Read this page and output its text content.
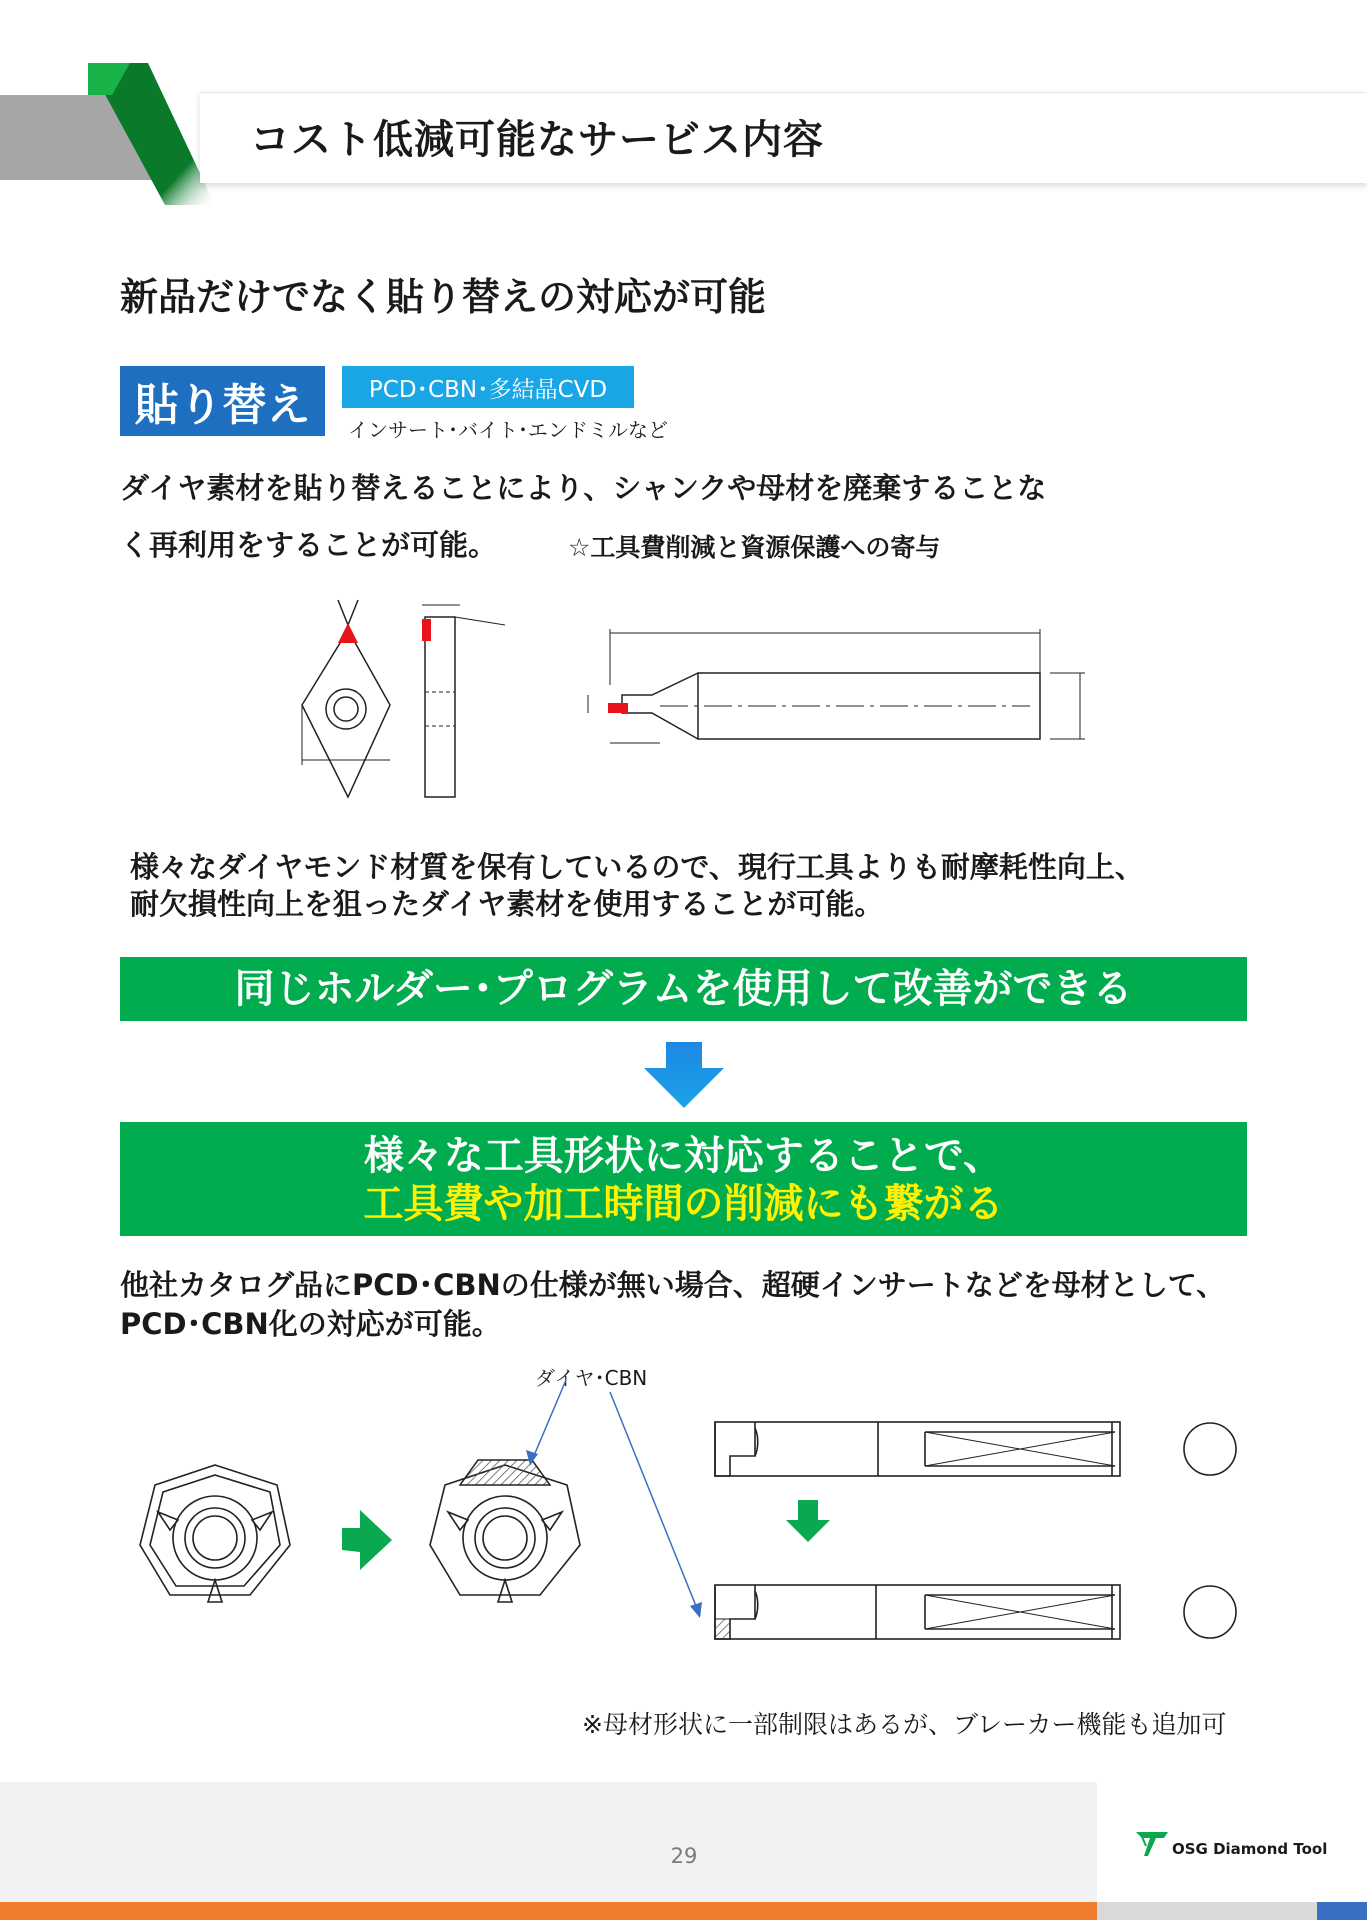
コスト低減可能なサービス内容
新品だけでなく貼り替えの対応が可能
貼り替え	PCD･CBN･多結晶CVD
インサート･バイト･エンドミルなど
ダイヤ素材を貼り替えることにより、シャンクや母材を廃棄することな
く再利用をすることが可能。	☆工具費削減と資源保護への寄与
様々なダイヤモンド材質を保有しているので、現行工具よりも耐摩耗性向上、
耐欠損性向上を狙ったダイヤ素材を使用することが可能。
同じホルダー･プログラムを使用して改善ができる
様々な工具形状に対応することで、
工具費や加工時間の削減にも繋がる
他社カタログ品にPCD･CBNの仕様が無い場合、超硬インサートなどを母材として、
PCD･CBN化の対応が可能。
ダイヤ･CBN
※母材形状に一部制限はあるが、ブレーカー機能も追加可
29	OSG Diamond Tool
